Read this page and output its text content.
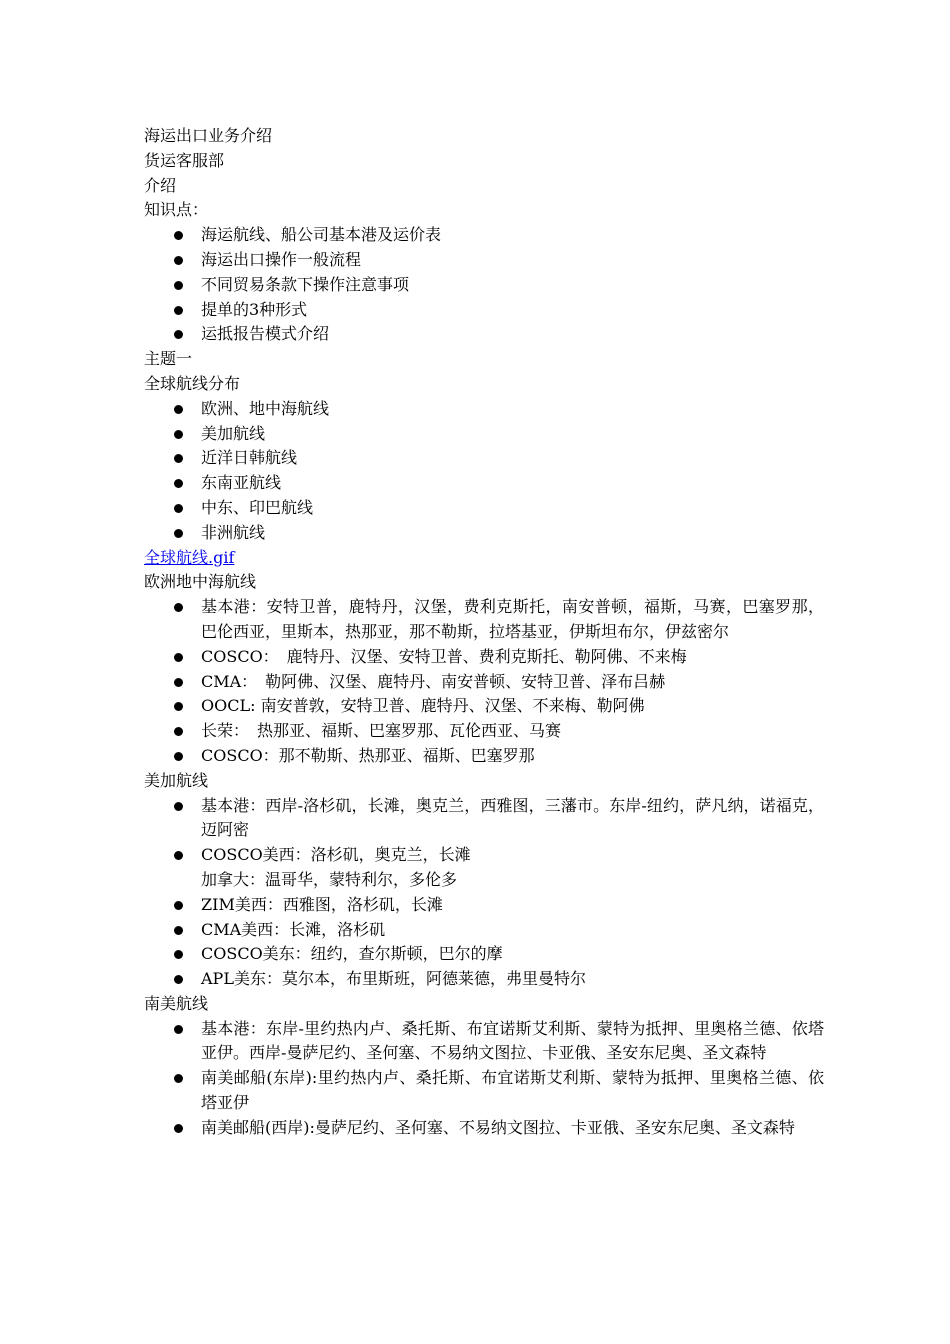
海运出口业务介绍

货运客服部

介绍

知识点：

海运航线、船公司基本港及运价表
海运出口操作一般流程
不同贸易条款下操作注意事项
提单的3种形式
运抵报告模式介绍

主题一

全球航线分布

欧洲、地中海航线
美加航线
近洋日韩航线
东南亚航线
中东、印巴航线
非洲航线

全球航线.gif

欧洲地中海航线

基本港：安特卫普，鹿特丹，汉堡，费利克斯托，南安普顿，福斯，马赛，巴塞罗那，巴伦西亚，里斯本，热那亚，那不勒斯，拉塔基亚，伊斯坦布尔，伊兹密尔
COSCO：　鹿特丹、汉堡、安特卫普、费利克斯托、勒阿佛、不来梅
CMA：　勒阿佛、汉堡、鹿特丹、南安普顿、安特卫普、泽布吕赫
OOCL: 南安普敦，安特卫普、鹿特丹、汉堡、不来梅、勒阿佛
长荣：　热那亚、福斯、巴塞罗那、瓦伦西亚、马赛
COSCO：那不勒斯、热那亚、福斯、巴塞罗那

美加航线

基本港：西岸-洛杉矶，长滩，奥克兰，西雅图，三藩市。东岸-纽约，萨凡纳，诺福克，迈阿密
COSCO美西：洛杉矶，奥克兰，长滩
加拿大：温哥华，蒙特利尔，多伦多
ZIM美西：西雅图，洛杉矶，长滩
CMA美西：长滩，洛杉矶
COSCO美东：纽约，查尔斯顿，巴尔的摩
APL美东：莫尔本，布里斯班，阿德莱德，弗里曼特尔

南美航线

基本港：东岸-里约热内卢、桑托斯、布宜诺斯艾利斯、蒙特为抵押、里奥格兰德、依塔亚伊。西岸-曼萨尼约、圣何塞、不易纳文图拉、卡亚俄、圣安东尼奥、圣文森特
南美邮船(东岸):里约热内卢、桑托斯、布宜诺斯艾利斯、蒙特为抵押、里奥格兰德、依塔亚伊
南美邮船(西岸):曼萨尼约、圣何塞、不易纳文图拉、卡亚俄、圣安东尼奥、圣文森特
